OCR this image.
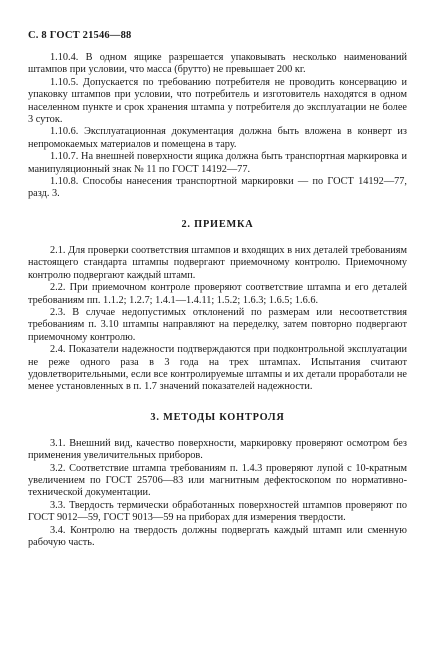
С. 8 ГОСТ 21546—88

1.10.4. В одном ящике разрешается упаковывать несколько наименований штампов при условии, что масса (брутто) не превышает 200 кг.

1.10.5. Допускается по требованию потребителя не проводить консервацию и упаковку штампов при условии, что потребитель и изготовитель находятся в одном населенном пункте и срок хранения штампа у потребителя до эксплуатации не более 3 суток.

1.10.6. Эксплуатационная документация должна быть вложена в конверт из непромокаемых материалов и помещена в тару.

1.10.7. На внешней поверхности ящика должна быть транспортная маркировка и манипуляционный знак № 11 по ГОСТ 14192—77.

1.10.8. Способы нанесения транспортной маркировки — по ГОСТ 14192—77, разд. 3.

2. ПРИЕМКА

2.1. Для проверки соответствия штампов и входящих в них деталей требованиям настоящего стандарта штампы подвергают приемочному контролю. Приемочному контролю подвергают каждый штамп.

2.2. При приемочном контроле проверяют соответствие штампа и его деталей требованиям пп. 1.1.2; 1.2.7; 1.4.1—1.4.11; 1.5.2; 1.6.3; 1.6.5; 1.6.6.

2.3. В случае недопустимых отклонений по размерам или несоответствия требованиям п. 3.10 штампы направляют на переделку, затем повторно подвергают приемочному контролю.

2.4. Показатели надежности подтверждаются при подконтрольной эксплуатации не реже одного раза в 3 года на трех штампах. Испытания считают удовлетворительными, если все контролируемые штампы и их детали проработали не менее установленных в п. 1.7 значений показателей надежности.

3. МЕТОДЫ КОНТРОЛЯ

3.1. Внешний вид, качество поверхности, маркировку проверяют осмотром без применения увеличительных приборов.

3.2. Соответствие штампа требованиям п. 1.4.3 проверяют лупой с 10-кратным увеличением по ГОСТ 25706—83 или магнитным дефектоскопом по нормативно-технической документации.

3.3. Твердость термически обработанных поверхностей штампов проверяют по ГОСТ 9012—59, ГОСТ 9013—59 на приборах для измерения твердости.

3.4. Контролю на твердость должны подвергать каждый штамп или сменную рабочую часть.
